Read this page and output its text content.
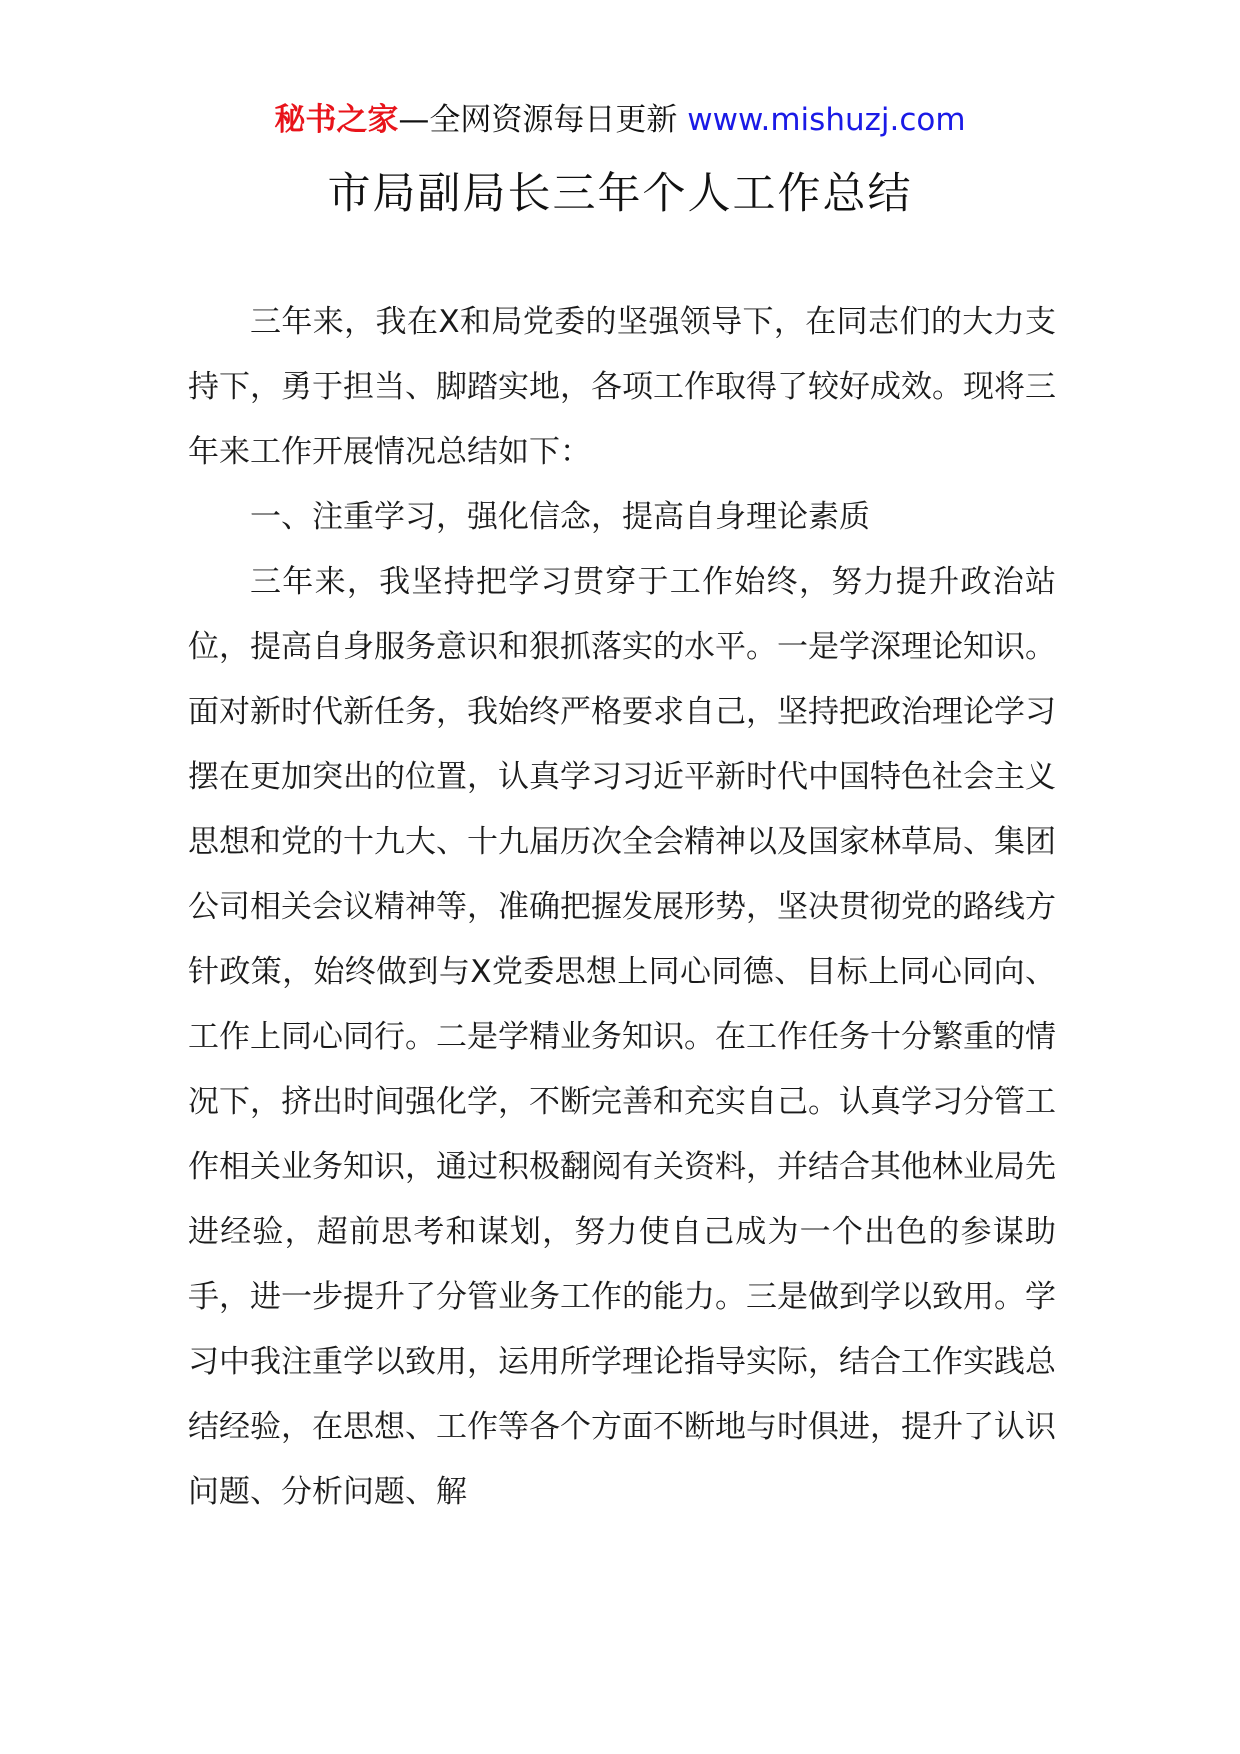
秘书之家—全网资源每日更新 www.mishuzj.com
市局副局长三年个人工作总结

三年来，我在X和局党委的坚强领导下，在同志们的大力支持下，勇于担当、脚踏实地，各项工作取得了较好成效。现将三年来工作开展情况总结如下：

一、注重学习，强化信念，提高自身理论素质

三年来，我坚持把学习贯穿于工作始终，努力提升政治站位，提高自身服务意识和狠抓落实的水平。一是学深理论知识。面对新时代新任务，我始终严格要求自己，坚持把政治理论学习摆在更加突出的位置，认真学习习近平新时代中国特色社会主义思想和党的十九大、十九届历次全会精神以及国家林草局、集团公司相关会议精神等，准确把握发展形势，坚决贯彻党的路线方针政策，始终做到与X党委思想上同心同德、目标上同心同向、工作上同心同行。二是学精业务知识。在工作任务十分繁重的情况下，挤出时间强化学，不断完善和充实自己。认真学习分管工作相关业务知识，通过积极翻阅有关资料，并结合其他林业局先进经验，超前思考和谋划，努力使自己成为一个出色的参谋助手，进一步提升了分管业务工作的能力。三是做到学以致用。学习中我注重学以致用，运用所学理论指导实际，结合工作实践总结经验，在思想、工作等各个方面不断地与时俱进，提升了认识问题、分析问题、解
